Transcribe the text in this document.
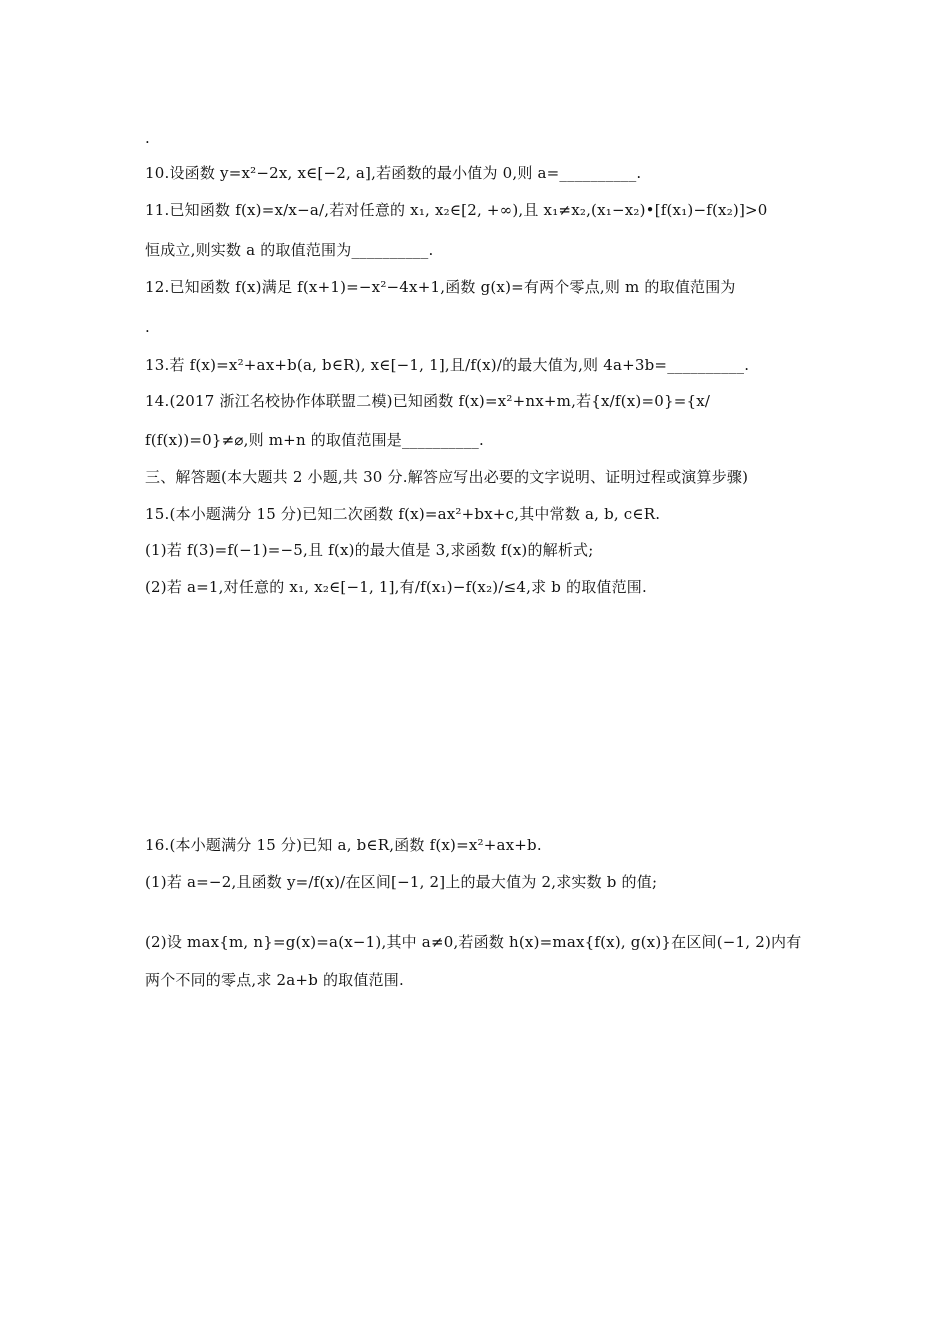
.
10.设函数 y=x²−2x, x∈[−2, a],若函数的最小值为 0,则 a=__________.
11.已知函数 f(x)=x/x−a/,若对任意的 x₁, x₂∈[2, +∞),且 x₁≠x₂,(x₁−x₂)•[f(x₁)−f(x₂)]>0
恒成立,则实数 a 的取值范围为__________.
12.已知函数 f(x)满足 f(x+1)=−x²−4x+1,函数 g(x)=有两个零点,则 m 的取值范围为
.
13.若 f(x)=x²+ax+b(a, b∈R), x∈[−1, 1],且/f(x)/的最大值为,则 4a+3b=__________.
14.(2017 浙江名校协作体联盟二模)已知函数 f(x)=x²+nx+m,若{x/f(x)=0}={x/
f(f(x))=0}≠⌀,则 m+n 的取值范围是__________.
三、解答题(本大题共 2 小题,共 30 分.解答应写出必要的文字说明、证明过程或演算步骤)
15.(本小题满分 15 分)已知二次函数 f(x)=ax²+bx+c,其中常数 a, b, c∈R.
(1)若 f(3)=f(−1)=−5,且 f(x)的最大值是 3,求函数 f(x)的解析式;
(2)若 a=1,对任意的 x₁, x₂∈[−1, 1],有/f(x₁)−f(x₂)/≤4,求 b 的取值范围.
16.(本小题满分 15 分)已知 a, b∈R,函数 f(x)=x²+ax+b.
(1)若 a=−2,且函数 y=/f(x)/在区间[−1, 2]上的最大值为 2,求实数 b 的值;
(2)设 max{m, n}=g(x)=a(x−1),其中 a≠0,若函数 h(x)=max{f(x), g(x)}在区间(−1, 2)内有
两个不同的零点,求 2a+b 的取值范围.
